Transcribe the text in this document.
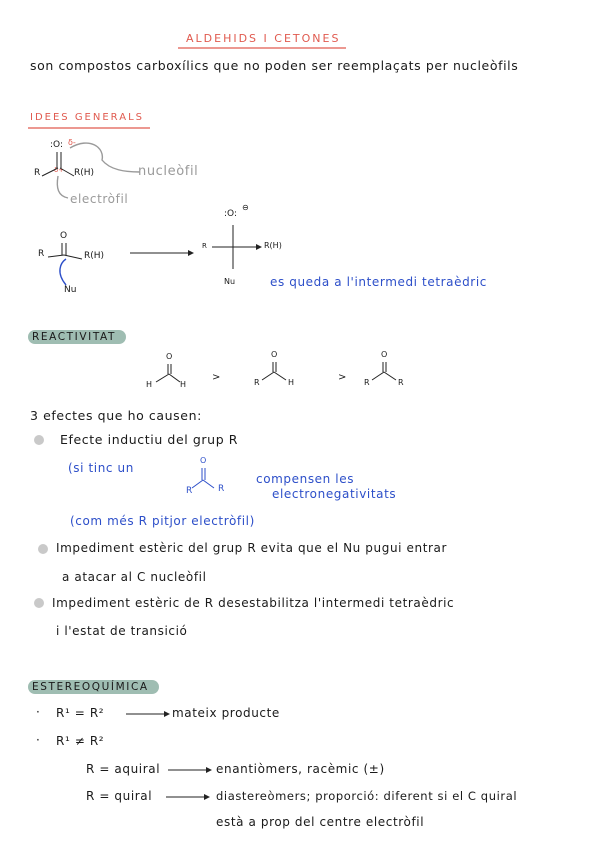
ALDEHIDS I CETONES
son compostos carboxílics que no poden ser reemplaçats per nucleòfils
IDEES GENERALS
:O: δ-
R δ+ R(H)	nucleòfil
electròfil
O
R	R(H)
Nu
:O:
⊖
R	R(H)
Nu	es queda a l'intermedi tetraèdric
REACTIVITAT
O
H	H
>
O
R	H	>
O
R	R
3 efectes que ho causen:
Efecte inductiu del grup R
(si tinc un
O
R	R
compensen les
electronegativitats
(com més R pitjor electròfil)
Impediment estèric del grup R evita que el Nu pugui entrar
a atacar al C nucleòfil
Impediment estèric de R desestabilitza l'intermedi tetraèdric
i l'estat de transició
ESTEREOQUÍMICA
· R¹ = R²	mateix producte
· R¹ ≠ R²
R = aquiral	enantiòmers, racèmic (±)
R = quiral	diastereòmers; proporció: diferent si el C quiral
està a prop del centre electròfil
